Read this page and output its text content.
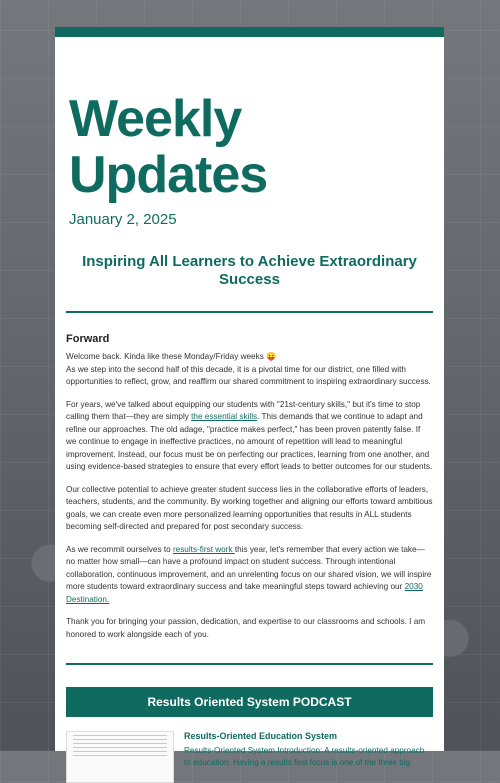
Weekly Updates
January 2, 2025
Inspiring All Learners to Achieve Extraordinary Success
Forward

Welcome back. Kinda like these Monday/Friday weeks 😛
As we step into the second half of this decade, it is a pivotal time for our district, one filled with opportunities to reflect, grow, and reaffirm our shared commitment to inspiring extraordinary success.

For years, we've talked about equipping our students with "21st-century skills," but it's time to stop calling them that—they are simply the essential skills. This demands that we continue to adapt and refine our approaches. The old adage, "practice makes perfect," has been proven patently false. If we continue to engage in ineffective practices, no amount of repetition will lead to meaningful improvement. Instead, our focus must be on perfecting our practices, learning from one another, and using evidence-based strategies to ensure that every effort leads to better outcomes for our students.

Our collective potential to achieve greater student success lies in the collaborative efforts of leaders, teachers, students, and the community. By working together and aligning our efforts toward ambitious goals, we can create even more personalized learning opportunities that results in ALL students becoming self-directed and prepared for post secondary success.

As we recommit ourselves to results-first work this year, let's remember that every action we take—no matter how small—can have a profound impact on student success. Through intentional collaboration, continuous improvement, and an unrelenting focus on our shared vision, we will inspire more students toward extraordinary success and take meaningful steps toward achieving our 2030 Destination.

Thank you for bringing your passion, dedication, and expertise to our classrooms and schools. I am honored to work alongside each of you.

Results Oriented System PODCAST
Results-Oriented Education System
Results-Oriented System Introduction: A results-oriented approach to education. Having a results first focus is one of the three big
